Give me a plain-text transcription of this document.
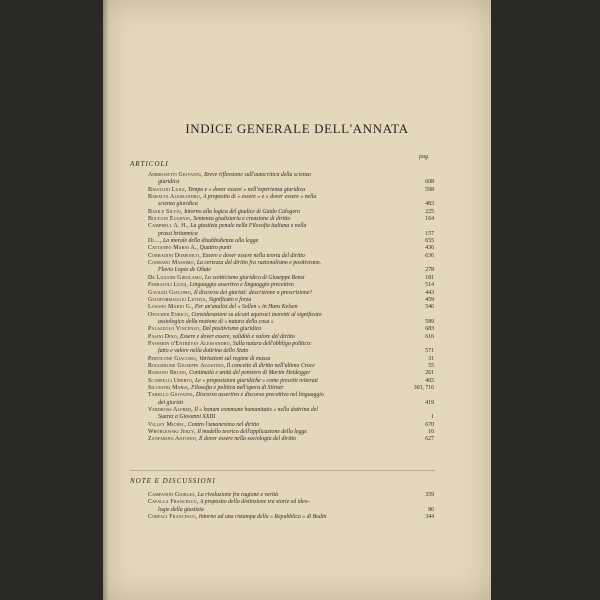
INDICE GENERALE DELL'ANNATA
pag.
ARTICOLI
Ambrosetti Giovanni, Breve riflessione sull'autocritica della scienza
giuridica	608
Bagolini Luigi, Tempo e « dover essere » nell'esperienza giuridica	598
Baratta Alessandro, A proposito di « essere » e « dover essere » nella
scienza giuridica	483
Basile Silvio, Intorno alla logica del giudice di Guido Calogero	225
Bulygin Eugenio, Sentenza giudiziaria e creazione di diritto	164
Campbell A. H., La giustizia penale nella Filosofia italiana e nella
prassi britannica	157
Di…, La morale della disubbidienza alla legge	655
Cattaneo Mario A., Quattro punti	436
Corradini Domenico, Essere e dover essere nella teoria del diritto	636
Conrado Massimo, La certezza del diritto fra razionalismo e positivismo.
Flavio Lopez de Oñate	278
De Liguori Girolamo, Lo scetticismo giuridico di Giuseppe Rensi	181
Ferrajoli Luigi, Linguaggio assertivo e linguaggio precettivo	514
Gavazzi Giacomo, Il discorso dei giuristi: descrizione o prescrizione?	443
Gianformaggio Letizia, Significato e forza	459
Losano Mario G., Per un'analisi del « Sollen » in Hans Kelsen	546
Opocher Enrico, Considerazioni su alcuni equivoci inerenti al significato
assiologico della nozione di « natura della cosa »	589
Palazzolo Vincenzo, Del positivismo giuridico	683
Pasini Dino, Essere e dover essere, validità e valore del diritto	616
Passerin d'Entrèves Alessandro, Sulla natura dell'obbligo politico:
fatto e valore nella dottrina dello Stato	571
Perticone Giacomo, Variazioni sul regime di massa	31
Roggerone Giuseppe Agostino, Il concetto di diritto nell'ultimo Croce	55
Romano Bruno, Continuità e unità del pensiero di Martin Heidegger	261
Scarpelli Uberto, Le « proposizioni giuridiche » come precetti reiterati	465
Silvestri Maria, Filosofia e politica nell'opera di Stirner	303, 716
Tarello Giovanni, Discorso assertivo e discorso precettivo nel linguaggio
dei giuristi	419
Verdross Alfred, Il « bonum commune humanitatis » nella dottrina del
Suarez a Giovanni XXIII	1
Villey Michel, Contro l'umanesimo nel diritto	670
Wróblewski Jerzy, Il modello teorico dell'applicazione della legge	10
Zanfarino Antonio, Il dover essere nella sociologia del diritto	627
NOTE E DISCUSSIONI
Campanini Giorgio, La rivoluzione fra ragione e verità	359
Cavalla Francesco, A proposito della distinzione tra storie ed ideo-
logie della giustizia	86
Corfaci Francesco, Intorno ad una ristampa della « Repubblica » di Bodin	344
